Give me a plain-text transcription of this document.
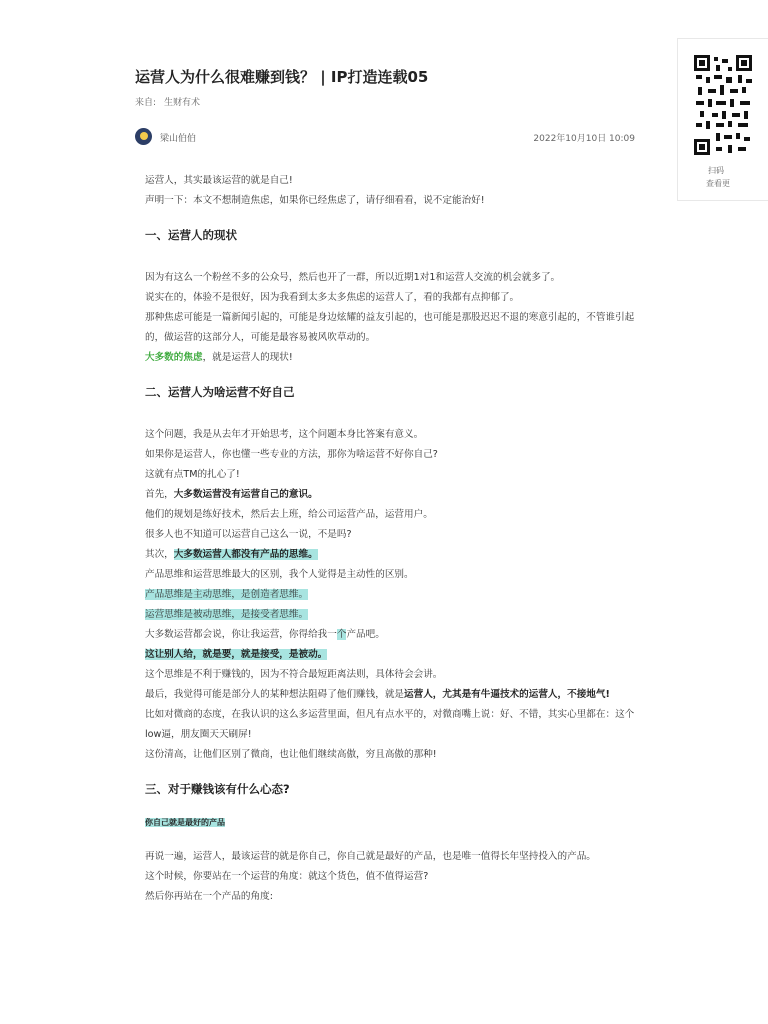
运营人为什么很难赚到钱？ | IP打造连载05
来自: 生财有术
梁山伯伯	2022年10月10日 10:09

运营人，其实最该运营的就是自己!

声明一下：本文不想制造焦虑，如果你已经焦虑了，请仔细看看，说不定能治好!

一、运营人的现状

因为有这么一个粉丝不多的公众号，然后也开了一群，所以近期1对1和运营人交流的机会就多了。

说实在的，体验不是很好，因为我看到太多太多焦虑的运营人了，看的我都有点抑郁了。

那种焦虑可能是一篇新闻引起的，可能是身边炫耀的益友引起的，也可能是那股迟迟不退的寒意引起的，不管谁引起的，做运营的这部分人，可能是最容易被风吹草动的。

大多数的焦虑，就是运营人的现状!

二、运营人为啥运营不好自己

这个问题，我是从去年才开始思考，这个问题本身比答案有意义。

如果你是运营人，你也懂一些专业的方法，那你为啥运营不好你自己?

这就有点TM的扎心了!

首先，大多数运营没有运营自己的意识。

他们的规划是练好技术，然后去上班，给公司运营产品，运营用户。

很多人也不知道可以运营自己这么一说，不是吗?

其次，大多数运营人都没有产品的思维。

产品思维和运营思维最大的区别，我个人觉得是主动性的区别。

产品思维是主动思维，是创造者思维。

运营思维是被动思维，是接受者思维。

大多数运营都会说，你让我运营，你得给我一个产品吧。

这让别人给，就是要，就是接受，是被动。

这个思维是不利于赚钱的，因为不符合最短距离法则，具体待会会讲。

最后，我觉得可能是部分人的某种想法阻碍了他们赚钱，就是运营人，尤其是有牛逼技术的运营人，不接地气!

比如对微商的态度，在我认识的这么多运营里面，但凡有点水平的，对微商嘴上说：好、不错，其实心里都在：这个low逼，朋友圈天天刷屏!

这份清高，让他们区别了微商，也让他们继续高傲，穷且高傲的那种!

三、对于赚钱该有什么心态?

你自己就是最好的产品

再说一遍，运营人，最该运营的就是你自己，你自己就是最好的产品，也是唯一值得长年坚持投入的产品。

这个时候，你要站在一个运营的角度：就这个货色，值不值得运营?

然后你再站在一个产品的角度:

扫码
查看更
